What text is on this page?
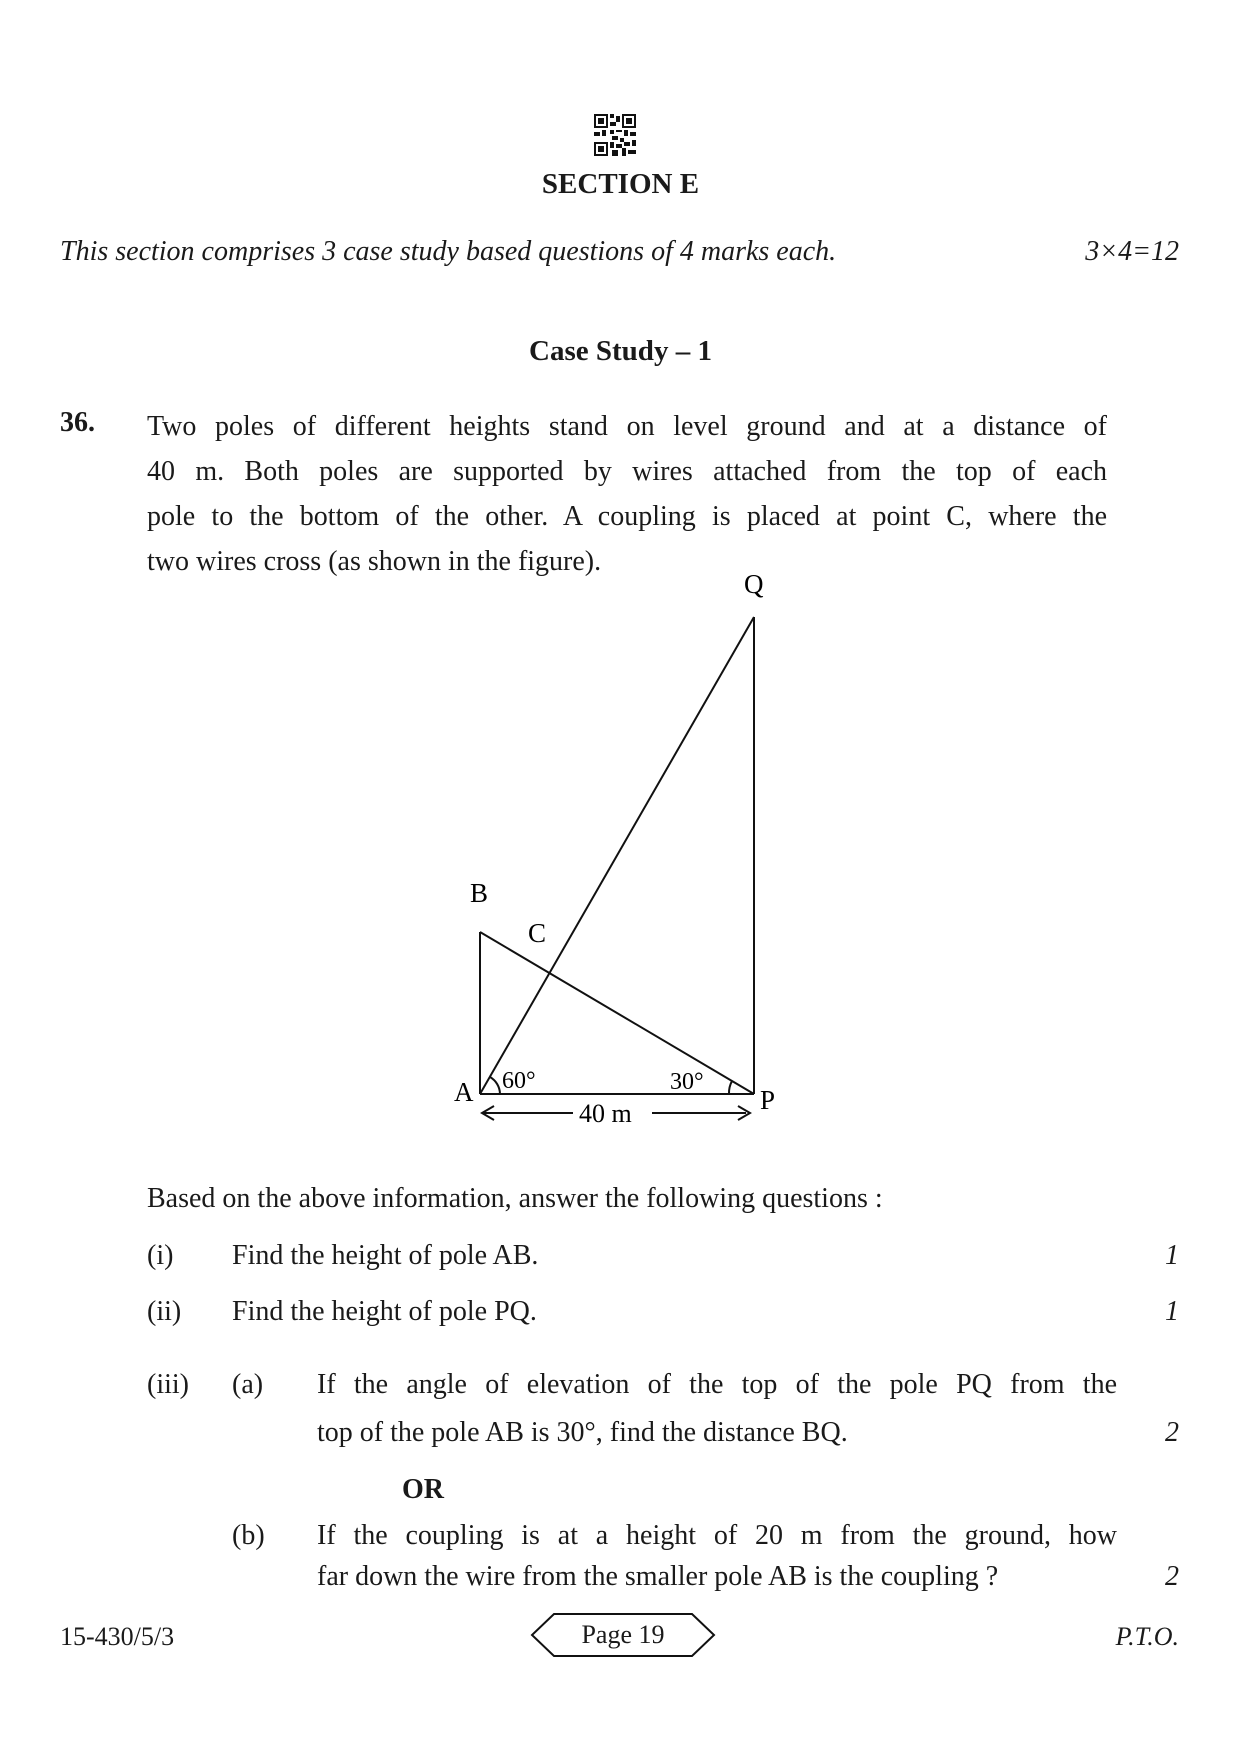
SECTION E
This section comprises 3 case study based questions of 4 marks each.	3×4=12
Case Study – 1
36. Two poles of different heights stand on level ground and at a distance of
40 m. Both poles are supported by wires attached from the top of each
pole to the bottom of the other. A coupling is placed at point C, where the
two wires cross (as shown in the figure).
Q
B
C
A	P
60°	30°
40 m
Based on the above information, answer the following questions :
(i) Find the height of pole AB.	1
(ii) Find the height of pole PQ.	1
(iii) (a) If the angle of elevation of the top of the pole PQ from the
top of the pole AB is 30°, find the distance BQ.	2
OR
(b) If the coupling is at a height of 20 m from the ground, how
far down the wire from the smaller pole AB is the coupling ?	2
15-430/5/3	Page 19	P.T.O.
